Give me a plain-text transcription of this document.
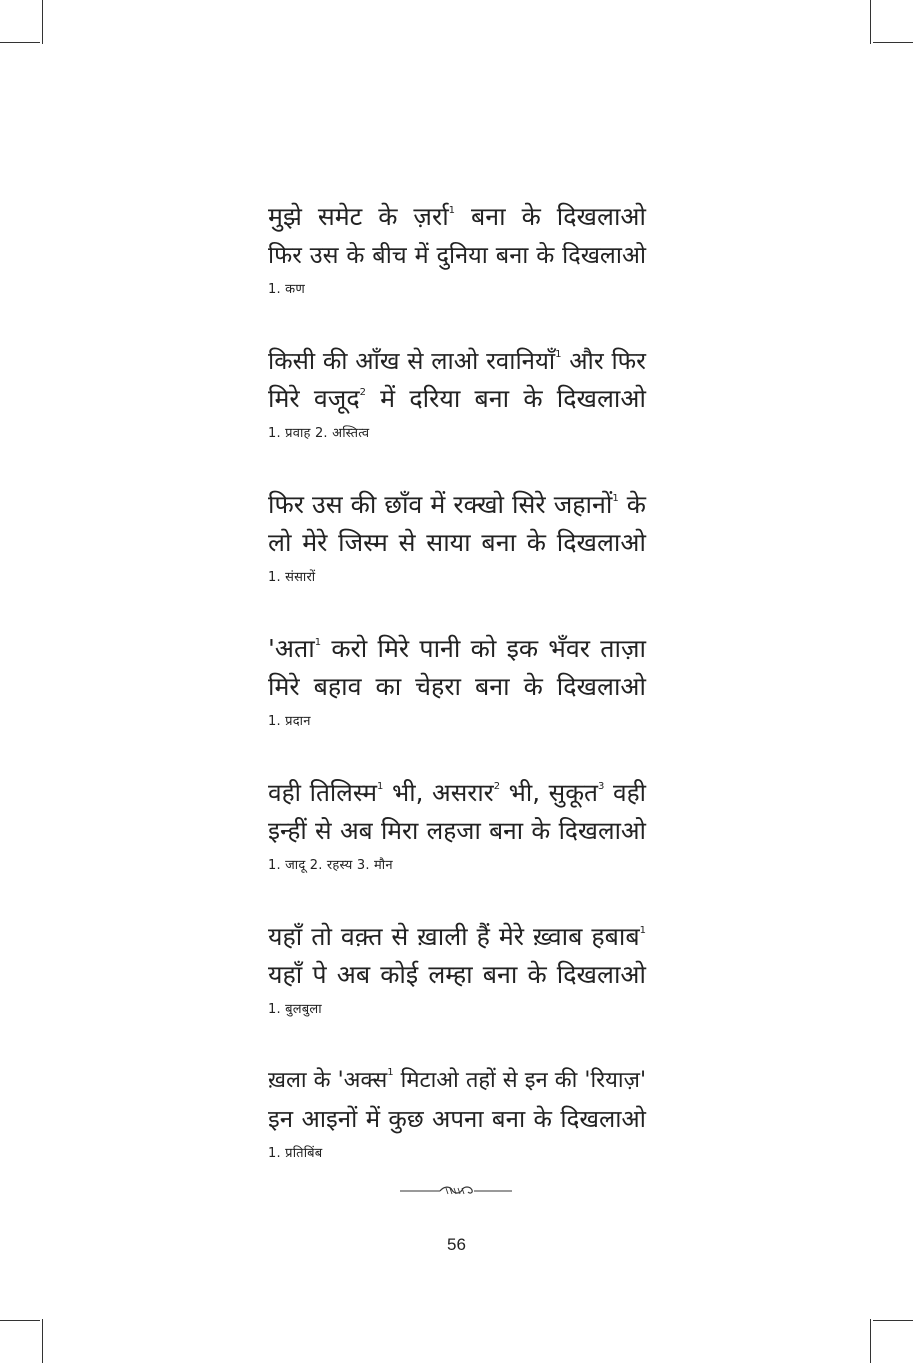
मुझे समेट के ज़र्रा$^1$ बना के दिखलाओ
फिर उस के बीच में दुनिया बना के दिखलाओ
1. कण
किसी की आँख से लाओ रवानियाँ$^1$ और फिर
मिरे वजूद$^2$ में दरिया बना के दिखलाओ
1. प्रवाह 2. अस्तित्व
फिर उस की छाँव में रक्खो सिरे जहानों$^1$ के
लो मेरे जिस्म से साया बना के दिखलाओ
1. संसारों
'अता$^1$ करो मिरे पानी को इक भँवर ताज़ा
मिरे बहाव का चेहरा बना के दिखलाओ
1. प्रदान
वही तिलिस्म$^1$ भी, असरार$^2$ भी, सुकूत$^3$ वही
इन्हीं से अब मिरा लहजा बना के दिखलाओ
1. जादू 2. रहस्य 3. मौन
यहाँ तो वक़्त से ख़ाली हैं मेरे ख़्वाब हबाब$^1$
यहाँ पे अब कोई लम्हा बना के दिखलाओ
1. बुलबुला
ख़ला के 'अक्स$^1$ मिटाओ तहों से इन की 'रियाज़'
इन आइनों में कुछ अपना बना के दिखलाओ
1. प्रतिबिंब
56
